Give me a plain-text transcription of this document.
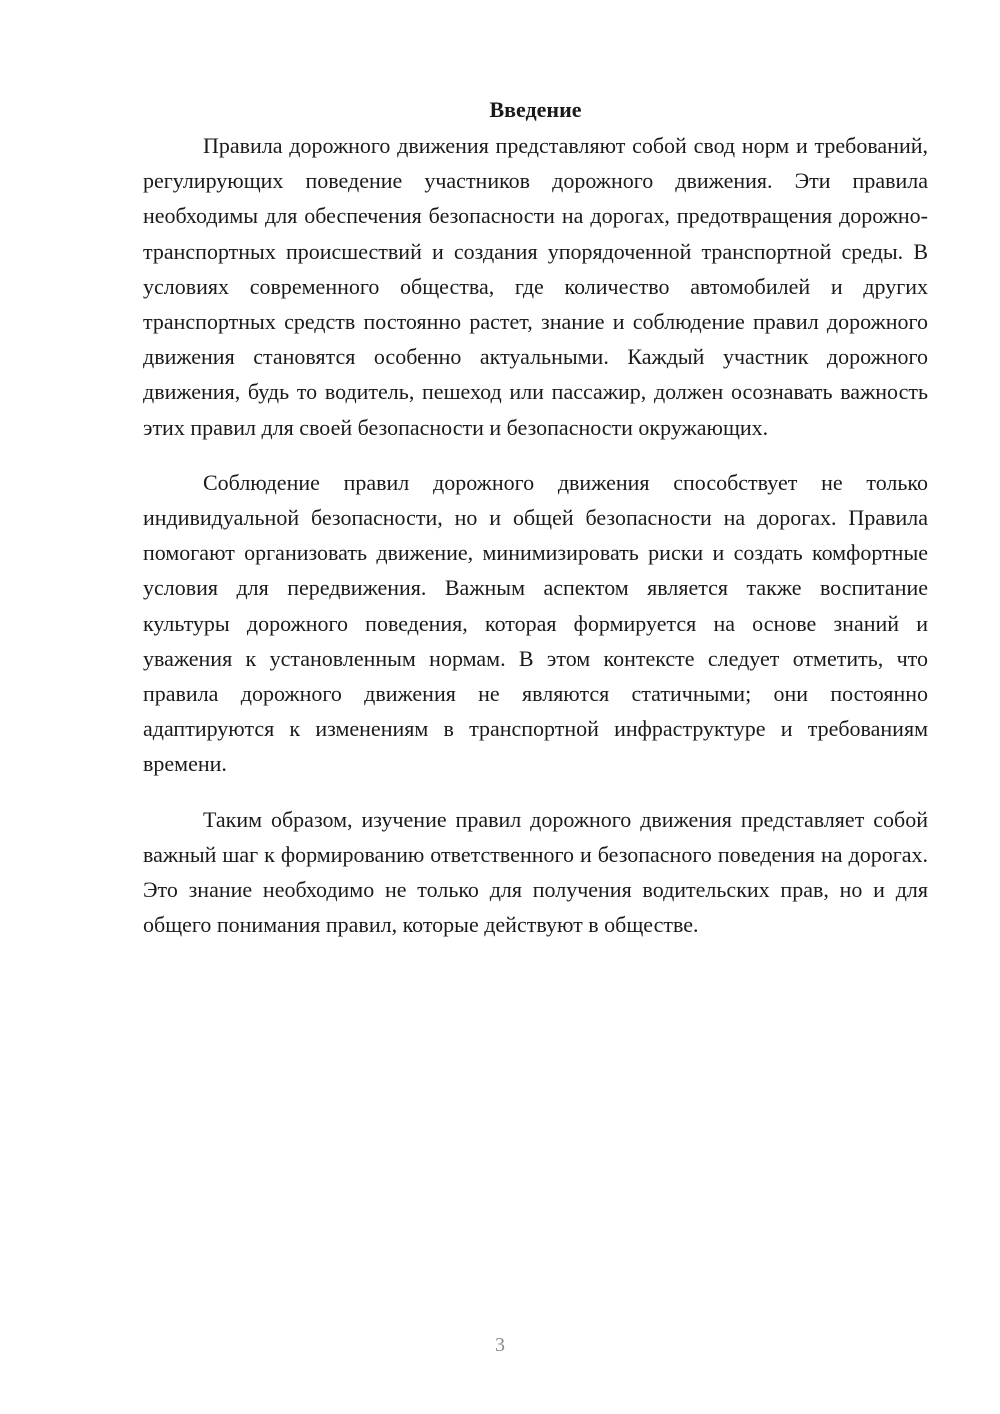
Введение

Правила дорожного движения представляют собой свод норм и требований, регулирующих поведение участников дорожного движения. Эти правила необходимы для обеспечения безопасности на дорогах, предотвращения дорожно-транспортных происшествий и создания упорядоченной транспортной среды. В условиях современного общества, где количество автомобилей и других транспортных средств постоянно растет, знание и соблюдение правил дорожного движения становятся особенно актуальными. Каждый участник дорожного движения, будь то водитель, пешеход или пассажир, должен осознавать важность этих правил для своей безопасности и безопасности окружающих.

Соблюдение правил дорожного движения способствует не только индивидуальной безопасности, но и общей безопасности на дорогах. Правила помогают организовать движение, минимизировать риски и создать комфортные условия для передвижения. Важным аспектом является также воспитание культуры дорожного поведения, которая формируется на основе знаний и уважения к установленным нормам. В этом контексте следует отметить, что правила дорожного движения не являются статичными; они постоянно адаптируются к изменениям в транспортной инфраструктуре и требованиям времени.

Таким образом, изучение правил дорожного движения представляет собой важный шаг к формированию ответственного и безопасного поведения на дорогах. Это знание необходимо не только для получения водительских прав, но и для общего понимания правил, которые действуют в обществе.

3
